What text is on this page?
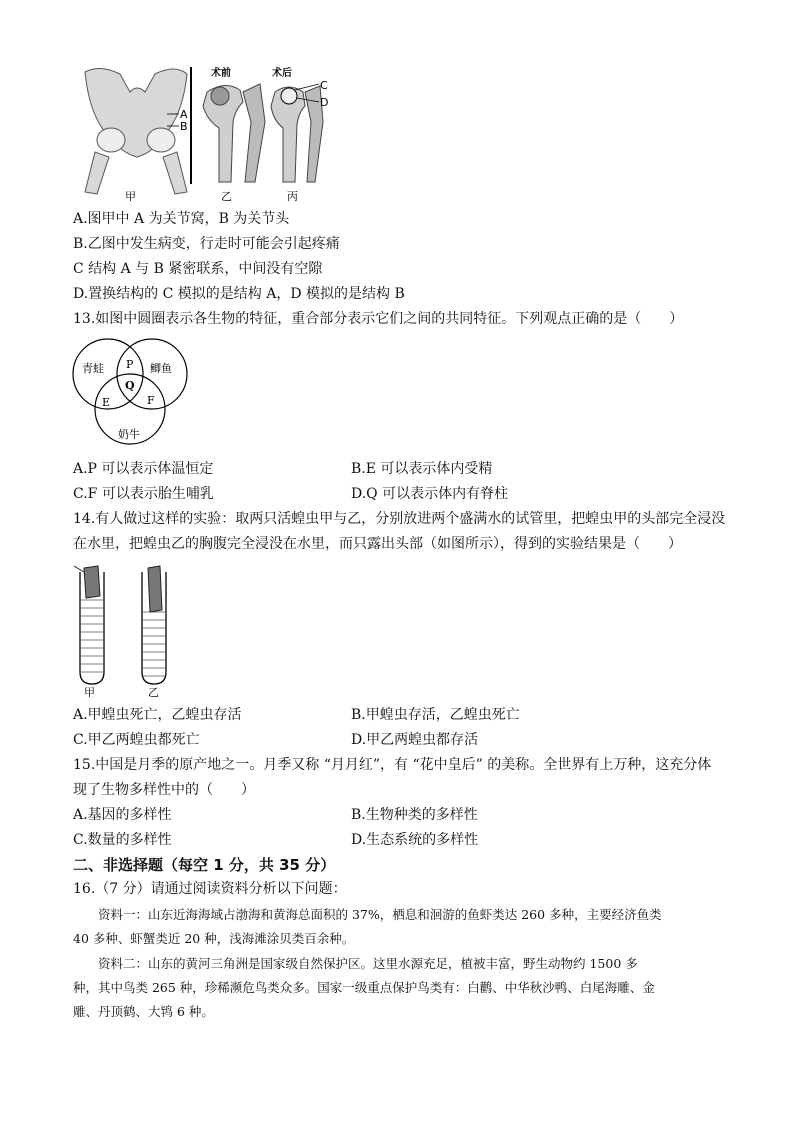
A
B
甲
术前
乙
术后
C
D
丙
A.图甲中 A 为关节窝，B 为关节头
B.乙图中发生病变，行走时可能会引起疼痛
C 结构 A 与 B 紧密联系，中间没有空隙
D.置换结构的 C 模拟的是结构 A，D 模拟的是结构 B
13.如图中圆圈表示各生物的特征，重合部分表示它们之间的共同特征。下列观点正确的是（　　）
青蛙	鲫鱼
奶牛
P
Q
E	F
A.P 可以表示体温恒定	B.E 可以表示体内受精
C.F 可以表示胎生哺乳	D.Q 可以表示体内有脊柱
14.有人做过这样的实验：取两只活蝗虫甲与乙，分别放进两个盛满水的试管里，把蝗虫甲的头部完全浸没
在水里，把蝗虫乙的胸腹完全浸没在水里，而只露出头部（如图所示），得到的实验结果是（　　）
甲	乙
A.甲蝗虫死亡，乙蝗虫存活	B.甲蝗虫存活，乙蝗虫死亡
C.甲乙两蝗虫都死亡	D.甲乙两蝗虫都存活
15.中国是月季的原产地之一。月季又称 “月月红”，有 “花中皇后” 的美称。全世界有上万种，这充分体
现了生物多样性中的（　　）
A.基因的多样性	B.生物种类的多样性
C.数量的多样性	D.生态系统的多样性
二、非选择题（每空 1 分，共 35 分）
16.（7 分）请通过阅读资料分析以下问题：

资料一：山东近海海域占渤海和黄海总面积的 37%，栖息和洄游的鱼虾类达 260 多种，主要经济鱼类

40 多种、虾蟹类近 20 种，浅海滩涂贝类百余种。

资料二：山东的黄河三角洲是国家级自然保护区。这里水源充足，植被丰富，野生动物约 1500 多

种，其中鸟类 265 种，珍稀濒危鸟类众多。国家一级重点保护鸟类有：白鹳、中华秋沙鸭、白尾海雕、金
雕、丹顶鹤、大鸨 6 种。
